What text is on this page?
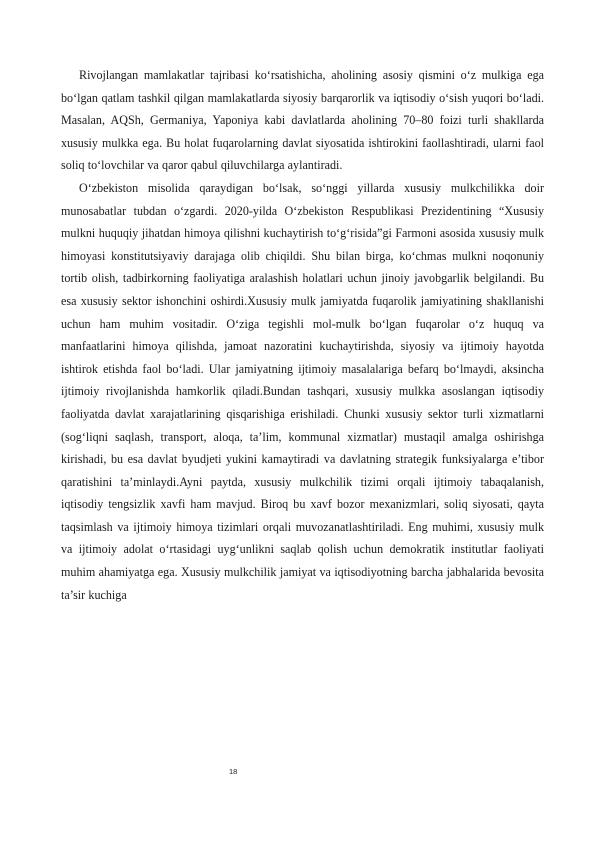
Rivojlangan mamlakatlar tajribasi ko‘rsatishicha, aholining asosiy qismini o‘z mulkiga ega bo‘lgan qatlam tashkil qilgan mamlakatlarda siyosiy barqarorlik va iqtisodiy o‘sish yuqori bo‘ladi. Masalan, AQSh, Germaniya, Yaponiya kabi davlatlarda aholining 70–80 foizi turli shakllarda xususiy mulkka ega. Bu holat fuqarolarning davlat siyosatida ishtirokini faollashtiradi, ularni faol soliq to‘lovchilar va qaror qabul qiluvchilarga aylantiradi.

O‘zbekiston misolida qaraydigan bo‘lsak, so‘nggi yillarda xususiy mulkchilikka doir munosabatlar tubdan o‘zgardi. 2020-yilda O‘zbekiston Respublikasi Prezidentining “Xususiy mulkni huquqiy jihatdan himoya qilishni kuchaytirish to‘g‘risida”gi Farmoni asosida xususiy mulk himoyasi konstitutsiyaviy darajaga olib chiqildi. Shu bilan birga, ko‘chmas mulkni noqonuniy tortib olish, tadbirkorning faoliyatiga aralashish holatlari uchun jinoiy javobgarlik belgilandi. Bu esa xususiy sektor ishonchini oshirdi.Xususiy mulk jamiyatda fuqarolik jamiyatining shakllanishi uchun ham muhim vositadir. O‘ziga tegishli mol-mulk bo‘lgan fuqarolar o‘z huquq va manfaatlarini himoya qilishda, jamoat nazoratini kuchaytirishda, siyosiy va ijtimoiy hayotda ishtirok etishda faol bo‘ladi. Ular jamiyatning ijtimoiy masalalariga befarq bo‘lmaydi, aksincha ijtimoiy rivojlanishda hamkorlik qiladi.Bundan tashqari, xususiy mulkka asoslangan iqtisodiy faoliyatda davlat xarajatlarining qisqarishiga erishiladi. Chunki xususiy sektor turli xizmatlarni (sog‘liqni saqlash, transport, aloqa, ta’lim, kommunal xizmatlar) mustaqil amalga oshirishga kirishadi, bu esa davlat byudjeti yukini kamaytiradi va davlatning strategik funksiyalarga e’tibor qaratishini ta’minlaydi.Ayni paytda, xususiy mulkchilik tizimi orqali ijtimoiy tabaqalanish, iqtisodiy tengsizlik xavfi ham mavjud. Biroq bu xavf bozor mexanizmlari, soliq siyosati, qayta taqsimlash va ijtimoiy himoya tizimlari orqali muvozanatlashtiriladi. Eng muhimi, xususiy mulk va ijtimoiy adolat o‘rtasidagi uyg‘unlikni saqlab qolish uchun demokratik institutlar faoliyati muhim ahamiyatga ega. Xususiy mulkchilik jamiyat va iqtisodiyotning barcha jabhalarida bevosita ta’sir kuchiga

18
